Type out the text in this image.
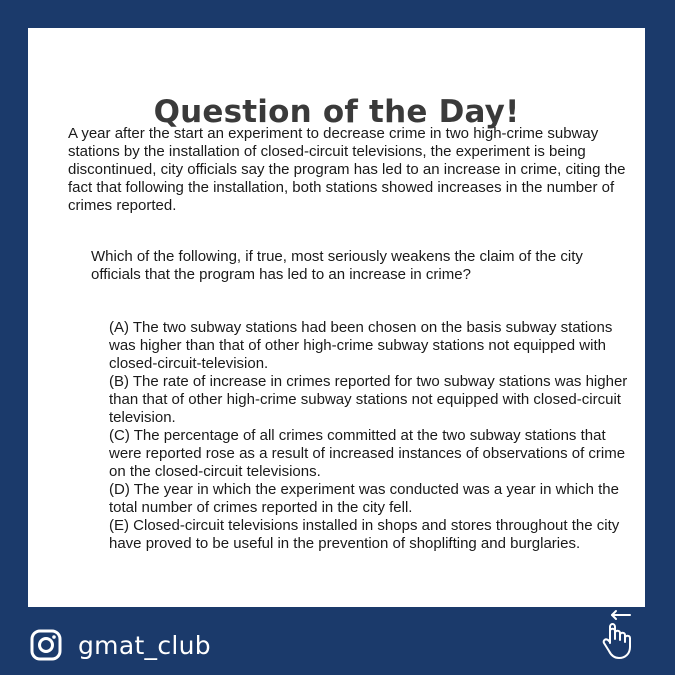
Question of the Day!

A year after the start an experiment to decrease crime in two high-crime subway stations by the installation of closed-circuit televisions, the experiment is being discontinued, city officials say the program has led to an increase in crime, citing the fact that following the installation, both stations showed increases in the number of crimes reported.

Which of the following, if true, most seriously weakens the claim of the city officials that the program has led to an increase in crime?

(A) The two subway stations had been chosen on the basis subway stations was higher than that of other high-crime subway stations not equipped with closed-circuit-television.
(B) The rate of increase in crimes reported for two subway stations was higher than that of other high-crime subway stations not equipped with closed-circuit television.
(C) The percentage of all crimes committed at the two subway stations that were reported rose as a result of increased instances of observations of crime on the closed-circuit televisions.
(D) The year in which the experiment was conducted was a year in which the total number of crimes reported in the city fell.
(E) Closed-circuit televisions installed in shops and stores throughout the city have proved to be useful in the prevention of shoplifting and burglaries.
gmat_club
